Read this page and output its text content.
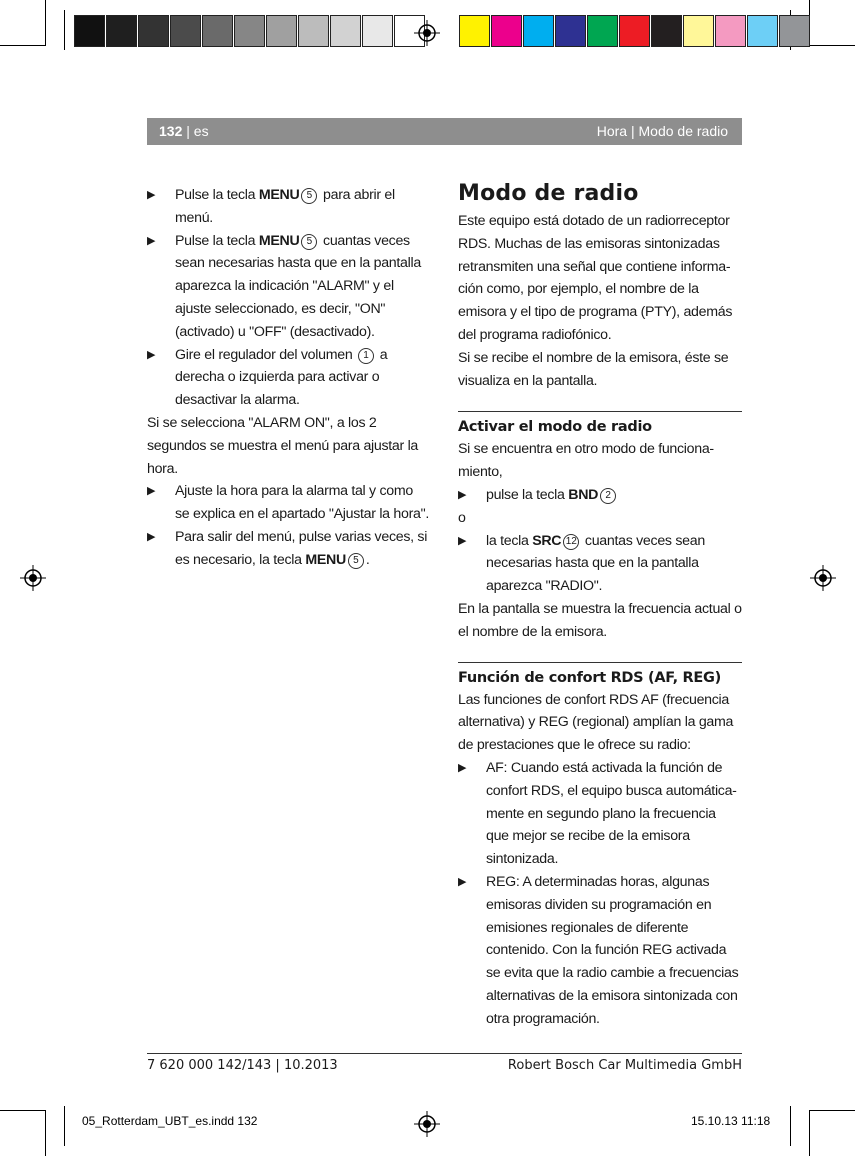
132 | es	Hora | Modo de radio
▶ Pulse la tecla MENU 5 para abrir el menú.
▶ Pulse la tecla MENU 5 cuantas veces sean necesarias hasta que en la pantalla aparezca la indicación "ALARM" y el ajuste seleccionado, es decir, "ON" (activado) u "OFF" (desactivado).
▶ Gire el regulador del volumen 1 a derecha o izquierda para activar o desactivar la alarma.

Si se selecciona "ALARM ON", a los 2 segundos se muestra el menú para ajustar la hora.

▶ Ajuste la hora para la alarma tal y como se explica en el apartado "Ajustar la hora".
▶ Para salir del menú, pulse varias veces, si es necesario, la tecla MENU 5 .
Modo de radio

Este equipo está dotado de un radiorreceptor RDS. Muchas de las emisoras sintonizadas retransmiten una señal que contiene informa-ción como, por ejemplo, el nombre de la emisora y el tipo de programa (PTY), además del programa radiofónico.

Si se recibe el nombre de la emisora, éste se visualiza en la pantalla.

Activar el modo de radio

Si se encuentra en otro modo de funciona-miento,

▶ pulse la tecla BND 2

o

▶ la tecla SRC 12 cuantas veces sean necesarias hasta que en la pantalla aparezca "RADIO".

En la pantalla se muestra la frecuencia actual o el nombre de la emisora.

Función de confort RDS (AF, REG)

Las funciones de confort RDS AF (frecuencia alternativa) y REG (regional) amplían la gama de prestaciones que le ofrece su radio:

▶ AF: Cuando está activada la función de confort RDS, el equipo busca automática-mente en segundo plano la frecuencia que mejor se recibe de la emisora sintonizada.
▶ REG: A determinadas horas, algunas emisoras dividen su programación en emisiones regionales de diferente contenido. Con la función REG activada se evita que la radio cambie a frecuencias alternativas de la emisora sintonizada con otra programación.
7 620 000 142/143 | 10.2013	Robert Bosch Car Multimedia GmbH
05_Rotterdam_UBT_es.indd 132	15.10.13 11:18
